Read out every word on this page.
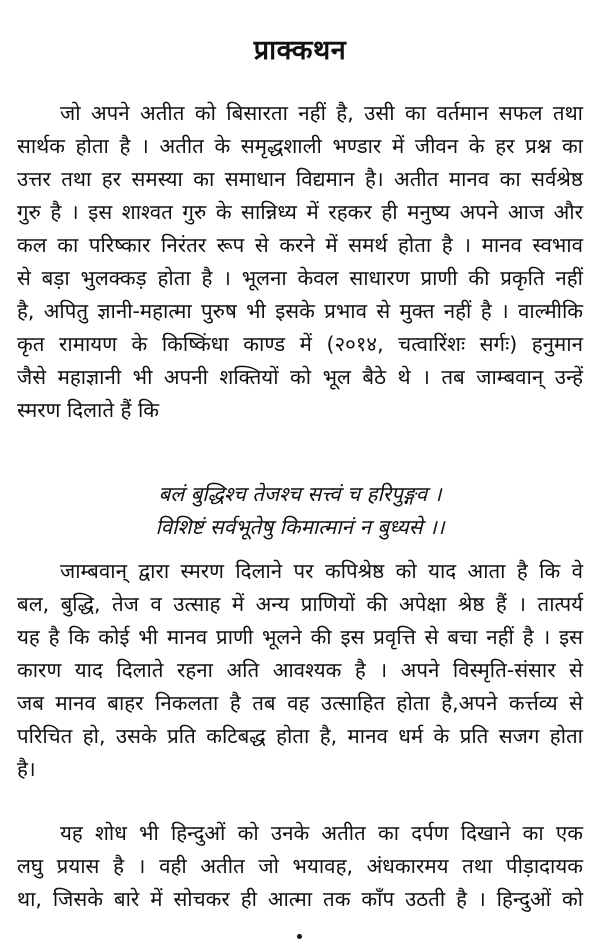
प्राक्कथन
जो अपने अतीत को बिसारता नहीं है, उसी का वर्तमान सफल तथा
सार्थक होता है । अतीत के समृद्धशाली भण्डार में जीवन के हर प्रश्न का
उत्तर तथा हर समस्या का समाधान विद्यमान है। अतीत मानव का सर्वश्रेष्ठ
गुरु है । इस शाश्वत गुरु के सान्निध्य में रहकर ही मनुष्य अपने आज और
कल का परिष्कार निरंतर रूप से करने में समर्थ होता है । मानव स्वभाव
से बड़ा भुलक्कड़ होता है । भूलना केवल साधारण प्राणी की प्रकृति नहीं
है, अपितु ज्ञानी-महात्मा पुरुष भी इसके प्रभाव से मुक्त नहीं है । वाल्मीकि
कृत रामायण के किष्किंधा काण्ड में (२०१४, चत्वारिंशः सर्गः) हनुमान
जैसे महाज्ञानी भी अपनी शक्तियों को भूल बैठे थे । तब जाम्बवान् उन्हें
स्मरण दिलाते हैं कि
बलं बुद्धिश्च तेजश्च सत्त्वं च हरिपुङ्गव ।
विशिष्टं सर्वभूतेषु किमात्मानं न बुध्यसे ।।
जाम्बवान् द्वारा स्मरण दिलाने पर कपिश्रेष्ठ को याद आता है कि वे
बल, बुद्धि, तेज व उत्साह में अन्य प्राणियों की अपेक्षा श्रेष्ठ हैं । तात्पर्य
यह है कि कोई भी मानव प्राणी भूलने की इस प्रवृत्ति से बचा नहीं है । इस
कारण याद दिलाते रहना अति आवश्यक है । अपने विस्मृति-संसार से
जब मानव बाहर निकलता है तब वह उत्साहित होता है,अपने कर्त्तव्य से
परिचित हो, उसके प्रति कटिबद्ध होता है, मानव धर्म के प्रति सजग होता
है।
यह शोध भी हिन्दुओं को उनके अतीत का दर्पण दिखाने का एक
लघु प्रयास है । वही अतीत जो भयावह, अंधकारमय तथा पीड़ादायक
था, जिसके बारे में सोचकर ही आत्मा तक काँप उठती है । हिन्दुओं को
